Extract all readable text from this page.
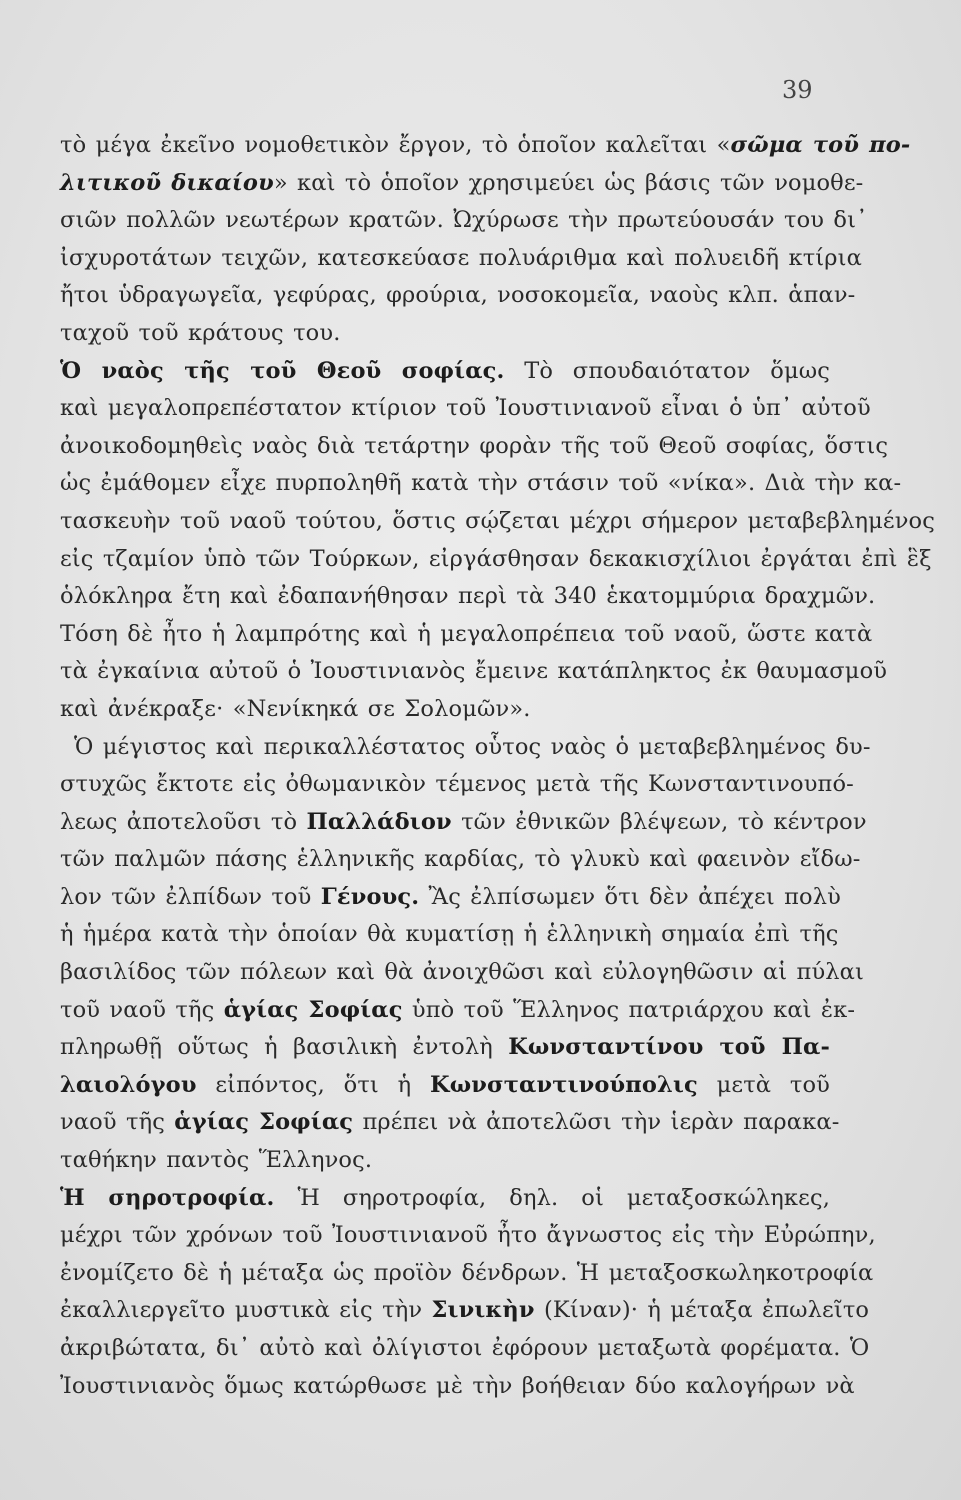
39
τὸ μέγα ἐκεῖνο νομοθετικὸν ἔργον, τὸ ὁποῖον καλεῖται «σῶμα τοῦ πο-
λιτικοῦ δικαίου» καὶ τὸ ὁποῖον χρησιμεύει ὡς βάσις τῶν νομοθε-
σιῶν πολλῶν νεωτέρων κρατῶν. Ὠχύρωσε τὴν πρωτεύουσάν του δι᾿
ἰσχυροτάτων τειχῶν, κατεσκεύασε πολυάριθμα καὶ πολυειδῆ κτίρια
ἤτοι ὑδραγωγεῖα, γεφύρας, φρούρια, νοσοκομεῖα, ναοὺς κλπ. ἁπαν-
ταχοῦ τοῦ κράτους του.
Ὁ ναὸς τῆς τοῦ Θεοῦ σοφίας. Τὸ σπουδαιότατον ὅμως
καὶ μεγαλοπρεπέστατον κτίριον τοῦ Ἰουστινιανοῦ εἶναι ὁ ὑπ᾿ αὐτοῦ
ἀνοικοδομηθεὶς ναὸς διὰ τετάρτην φορὰν τῆς τοῦ Θεοῦ σοφίας, ὅστις
ὡς ἐμάθομεν εἶχε πυρποληθῆ κατὰ τὴν στάσιν τοῦ «νίκα». Διὰ τὴν κα-
τασκευὴν τοῦ ναοῦ τούτου, ὅστις σῴζεται μέχρι σήμερον μεταβεβλημένος
εἰς τζαμίον ὑπὸ τῶν Τούρκων, εἰργάσθησαν δεκακισχίλιοι ἐργάται ἐπὶ ἓξ
ὁλόκληρα ἔτη καὶ ἐδαπανήθησαν περὶ τὰ 340 ἑκατομμύρια δραχμῶν.
Τόση δὲ ἦτο ἡ λαμπρότης καὶ ἡ μεγαλοπρέπεια τοῦ ναοῦ, ὥστε κατὰ
τὰ ἐγκαίνια αὐτοῦ ὁ Ἰουστινιανὸς ἔμεινε κατάπληκτος ἐκ θαυμασμοῦ
καὶ ἀνέκραξε· «Νενίκηκά σε Σολομῶν».
Ὁ μέγιστος καὶ περικαλλέστατος οὗτος ναὸς ὁ μεταβεβλημένος δυ-
στυχῶς ἔκτοτε εἰς ὀθωμανικὸν τέμενος μετὰ τῆς Κωνσταντινουπό-
λεως ἀποτελοῦσι τὸ Παλλάδιον τῶν ἐθνικῶν βλέψεων, τὸ κέντρον
τῶν παλμῶν πάσης ἑλληνικῆς καρδίας, τὸ γλυκὺ καὶ φαεινὸν εἴδω-
λον τῶν ἐλπίδων τοῦ Γένους. Ἂς ἐλπίσωμεν ὅτι δὲν ἀπέχει πολὺ
ἡ ἡμέρα κατὰ τὴν ὁποίαν θὰ κυματίσῃ ἡ ἑλληνικὴ σημαία ἐπὶ τῆς
βασιλίδος τῶν πόλεων καὶ θὰ ἀνοιχθῶσι καὶ εὐλογηθῶσιν αἱ πύλαι
τοῦ ναοῦ τῆς ἁγίας Σοφίας ὑπὸ τοῦ Ἕλληνος πατριάρχου καὶ ἐκ-
πληρωθῇ οὕτως ἡ βασιλικὴ ἐντολὴ Κωνσταντίνου τοῦ Πα-
λαιολόγου εἰπόντος, ὅτι ἡ Κωνσταντινούπολις μετὰ τοῦ
ναοῦ τῆς ἁγίας Σοφίας πρέπει νὰ ἀποτελῶσι τὴν ἱερὰν παρακα-
ταθήκην παντὸς Ἕλληνος.
Ἡ σηροτροφία. Ἡ σηροτροφία, δηλ. οἱ μεταξοσκώληκες,
μέχρι τῶν χρόνων τοῦ Ἰουστινιανοῦ ἦτο ἄγνωστος εἰς τὴν Εὐρώπην,
ἐνομίζετο δὲ ἡ μέταξα ὡς προϊὸν δένδρων. Ἡ μεταξοσκωληκοτροφία
ἐκαλλιεργεῖτο μυστικὰ εἰς τὴν Σινικὴν (Κίναν)· ἡ μέταξα ἐπωλεῖτο
ἀκριβώτατα, δι᾿ αὐτὸ καὶ ὀλίγιστοι ἐφόρουν μεταξωτὰ φορέματα. Ὁ
Ἰουστινιανὸς ὅμως κατώρθωσε μὲ τὴν βοήθειαν δύο καλογήρων νὰ
